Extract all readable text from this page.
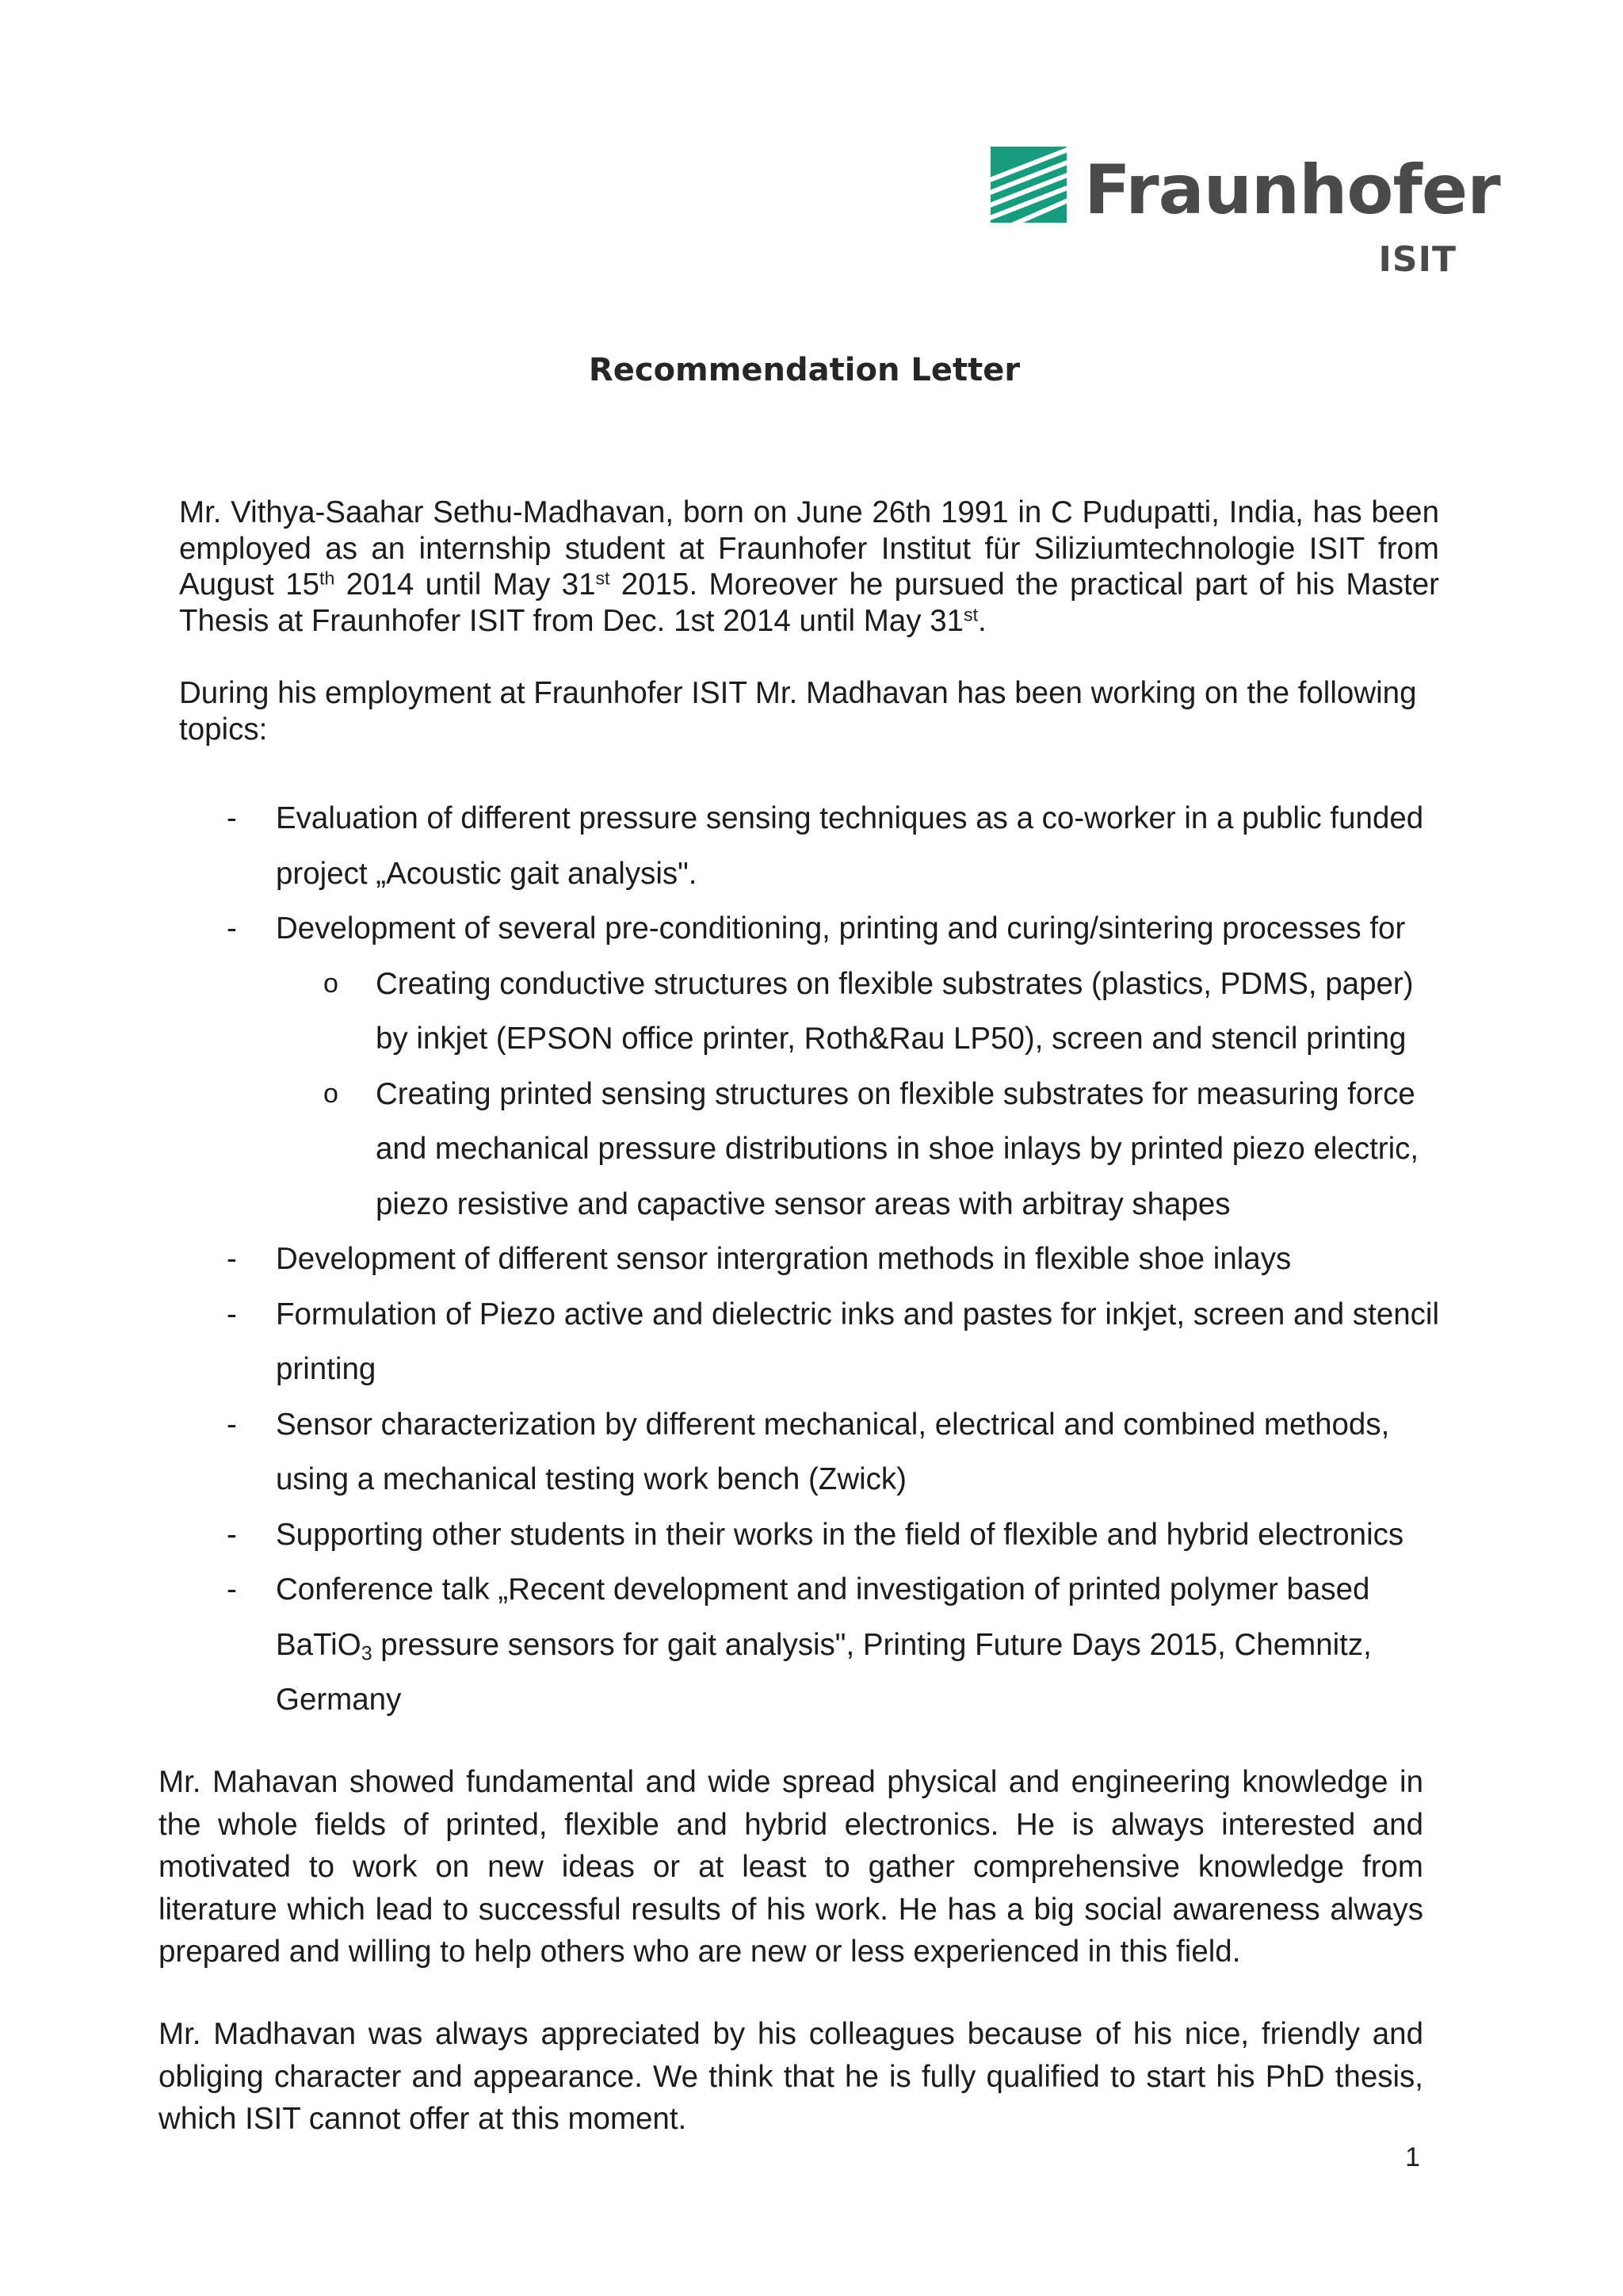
Fraunhofer
ISIT
Recommendation Letter
Mr. Vithya-Saahar Sethu-Madhavan, born on June 26th 1991 in C Pudupatti, India, has been employed as an internship student at Fraunhofer Institut für Siliziumtechnologie ISIT from August 15th 2014 until May 31st 2015. Moreover he pursued the practical part of his Master Thesis at Fraunhofer ISIT from Dec. 1st 2014 until May 31st.
During his employment at Fraunhofer ISIT Mr. Madhavan has been working on the following topics:
- Evaluation of different pressure sensing techniques as a co-worker in a public funded project „Acoustic gait analysis".
- Development of several pre-conditioning, printing and curing/sintering processes for
o Creating conductive structures on flexible substrates (plastics, PDMS, paper) by inkjet (EPSON office printer, Roth&Rau LP50), screen and stencil printing
o Creating printed sensing structures on flexible substrates for measuring force and mechanical pressure distributions in shoe inlays by printed piezo electric, piezo resistive and capactive sensor areas with arbitray shapes
- Development of different sensor intergration methods in flexible shoe inlays
- Formulation of Piezo active and dielectric inks and pastes for inkjet, screen and stencil printing
- Sensor characterization by different mechanical, electrical and combined methods, using a mechanical testing work bench (Zwick)
- Supporting other students in their works in the field of flexible and hybrid electronics
- Conference talk „Recent development and investigation of printed polymer based BaTiO$_3$ pressure sensors for gait analysis", Printing Future Days 2015, Chemnitz, Germany
Mr. Mahavan showed fundamental and wide spread physical and engineering knowledge in the whole fields of printed, flexible and hybrid electronics. He is always interested and motivated to work on new ideas or at least to gather comprehensive knowledge from literature which lead to successful results of his work. He has a big social awareness always prepared and willing to help others who are new or less experienced in this field.
Mr. Madhavan was always appreciated by his colleagues because of his nice, friendly and obliging character and appearance. We think that he is fully qualified to start his PhD thesis, which ISIT cannot offer at this moment.
1
